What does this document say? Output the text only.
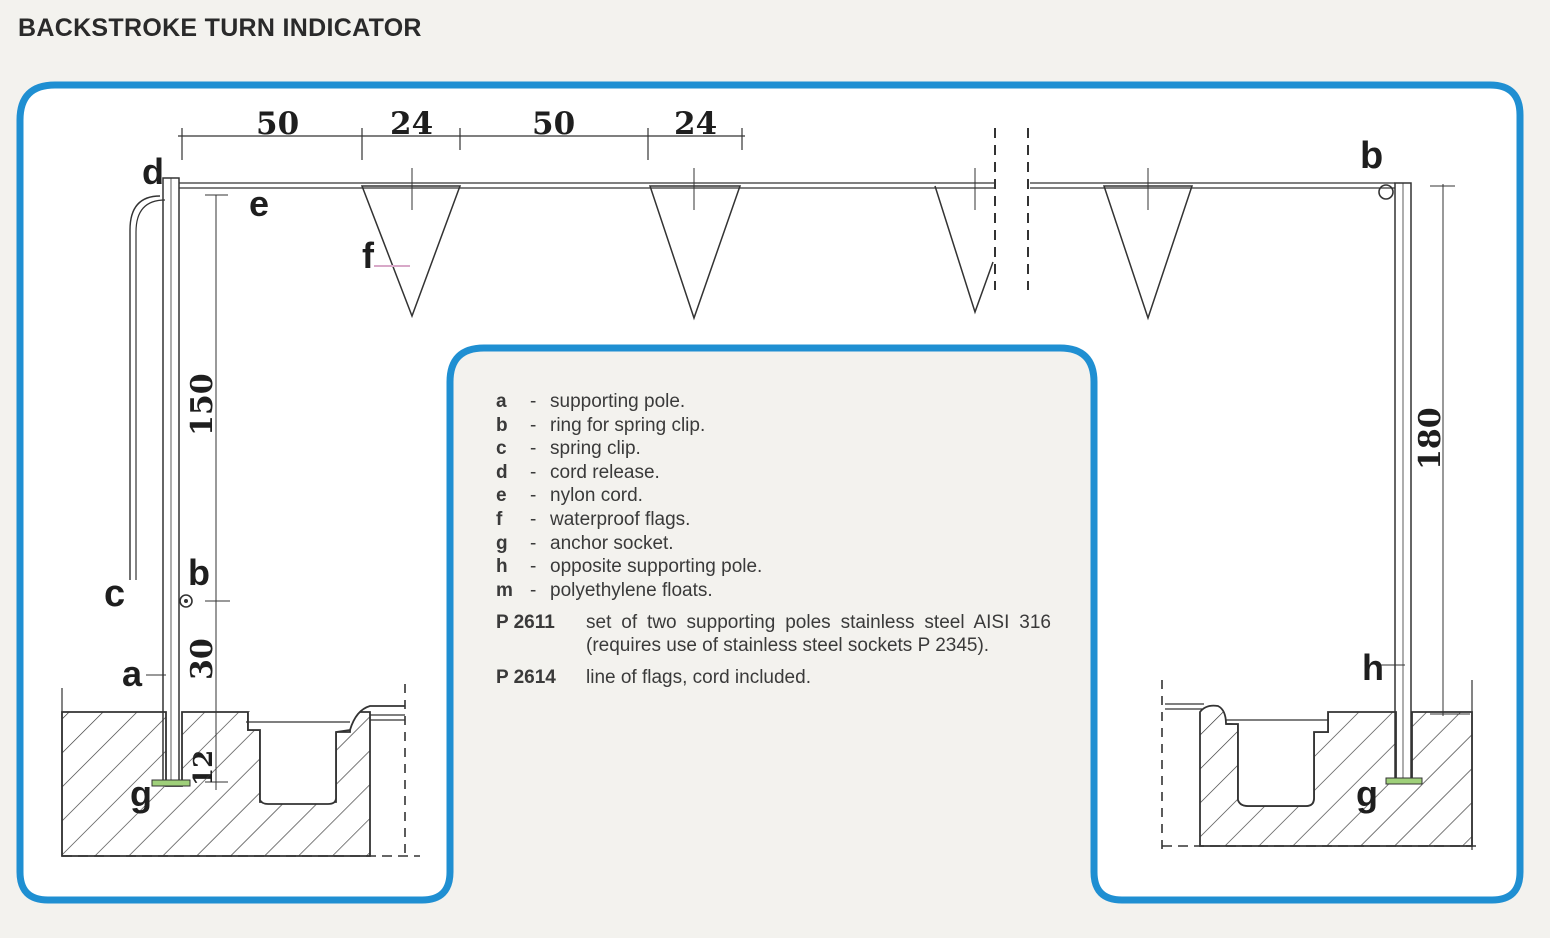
BACKSTROKE TURN INDICATOR
50	24	50	24
150
30
180
d
e
f
c
b
a
g
b
h
g
a	- supporting pole.
b	- ring for spring clip.
c	- spring clip.
d	- cord release.
e	- nylon cord.
f	- waterproof flags.
g	- anchor socket.
h	- opposite supporting pole.
m - polyethylene floats.
P 2611	set of two supporting poles stainless steel AISI 316 (requires use of stainless steel sockets P 2345).
P 2614	line of flags, cord included.
